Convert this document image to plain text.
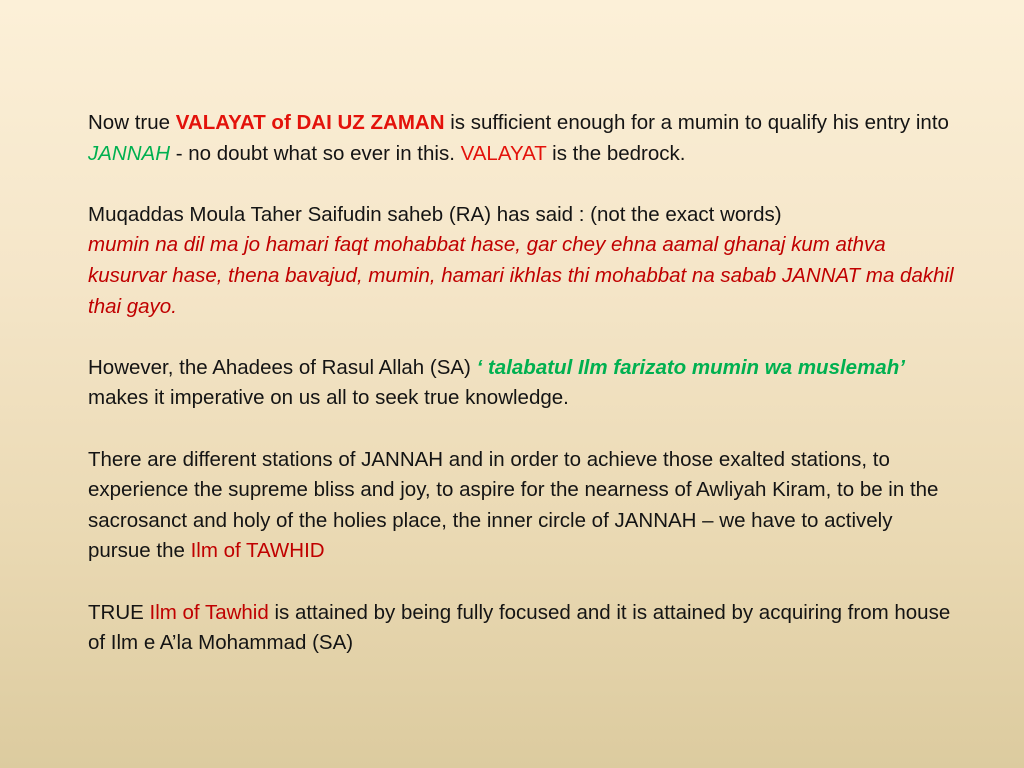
Now true VALAYAT of DAI UZ ZAMAN is sufficient enough for a mumin to qualify his entry into JANNAH - no doubt what so ever in this. VALAYAT is the bedrock.

Muqaddas Moula Taher Saifudin saheb (RA) has said : (not the exact words)
mumin na dil ma jo hamari faqt mohabbat hase, gar chey ehna aamal ghanaj kum athva kusurvar hase, thena bavajud, mumin, hamari ikhlas thi mohabbat na sabab JANNAT ma dakhil thai gayo.

However, the Ahadees of Rasul Allah (SA) ‘ talabatul Ilm farizato mumin wa muslemah’ makes it imperative on us all to seek true knowledge.

There are different stations of JANNAH and in order to achieve those exalted stations, to experience the supreme bliss and joy, to aspire for the nearness of Awliyah Kiram, to be in the sacrosanct and holy of the holies place, the inner circle of JANNAH – we have to actively pursue the Ilm of TAWHID

TRUE Ilm of Tawhid is attained by being fully focused and it is attained by acquiring from house of Ilm e A’la Mohammad (SA)
